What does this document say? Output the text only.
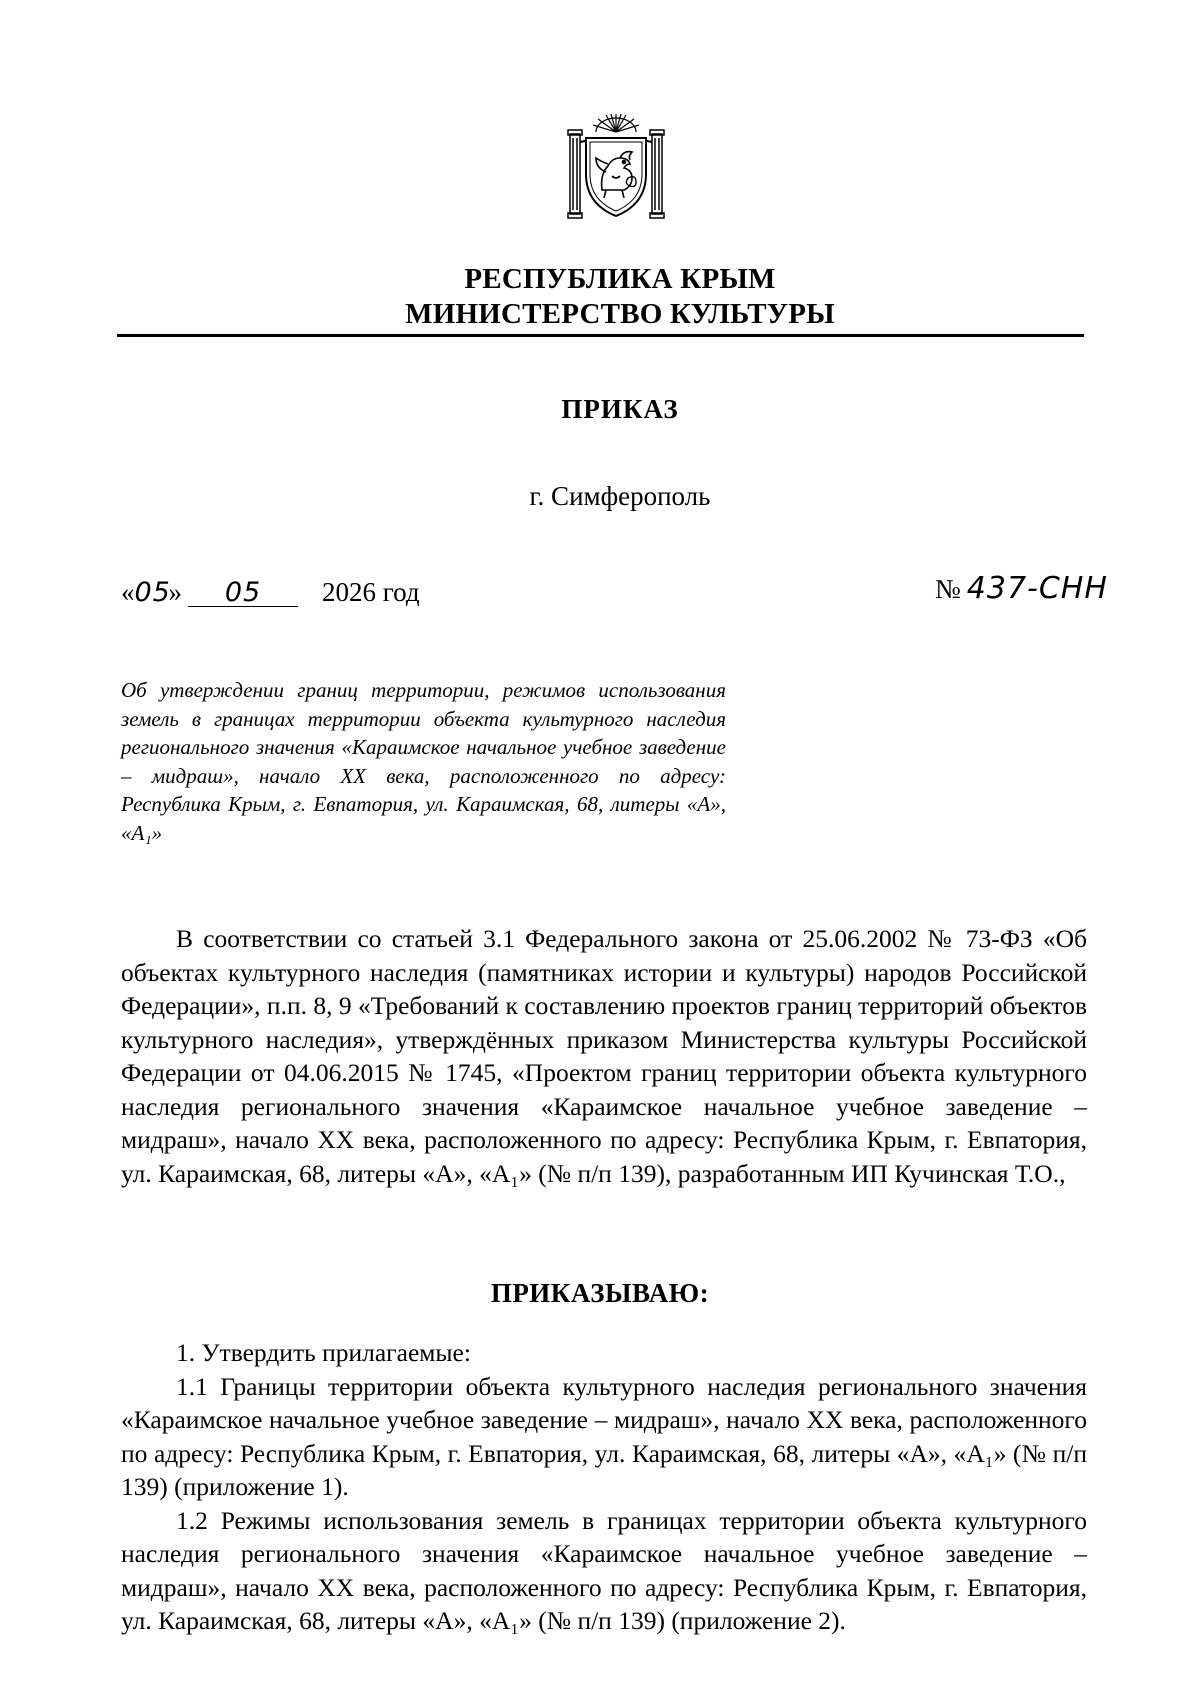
РЕСПУБЛИКА КРЫМ
МИНИСТЕРСТВО КУЛЬТУРЫ
ПРИКАЗ
г. Симферополь
«05» 05 2026 год	№ 437-СНН
Об утверждении границ территории, режимов использования земель в границах территории объекта культурного наследия регионального значения «Караимское начальное учебное заведение – мидраш», начало XX века, расположенного по адресу: Республика Крым, г. Евпатория, ул. Караимская, 68, литеры «А», «А₁»
В соответствии со статьей 3.1 Федерального закона от 25.06.2002 № 73-ФЗ «Об объектах культурного наследия (памятниках истории и культуры) народов Российской Федерации», п.п. 8, 9 «Требований к составлению проектов границ территорий объектов культурного наследия», утверждённых приказом Министерства культуры Российской Федерации от 04.06.2015 № 1745, «Проектом границ территории объекта культурного наследия регионального значения «Караимское начальное учебное заведение – мидраш», начало XX века, расположенного по адресу: Республика Крым, г. Евпатория, ул. Караимская, 68, литеры «А», «А₁» (№ п/п 139), разработанным ИП Кучинская Т.О.,
ПРИКАЗЫВАЮ:

1. Утвердить прилагаемые:

1.1 Границы территории объекта культурного наследия регионального значения «Караимское начальное учебное заведение – мидраш», начало XX века, расположенного по адресу: Республика Крым, г. Евпатория, ул. Караимская, 68, литеры «А», «А₁» (№ п/п 139) (приложение 1).

1.2 Режимы использования земель в границах территории объекта культурного наследия регионального значения «Караимское начальное учебное заведение – мидраш», начало XX века, расположенного по адресу: Республика Крым, г. Евпатория, ул. Караимская, 68, литеры «А», «А₁» (№ п/п 139) (приложение 2).
